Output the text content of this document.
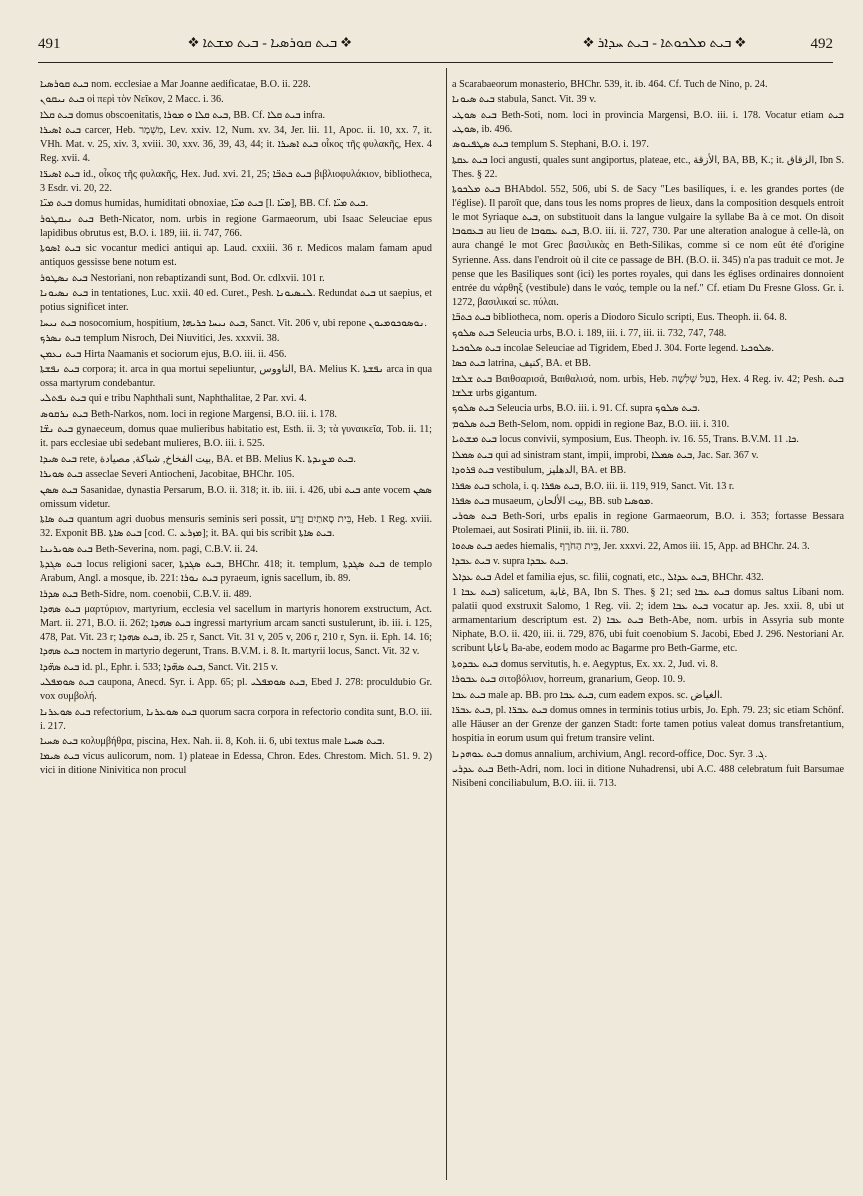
491	❖ ܒܝܬ ܩܘܪܣܝܐ - ܒܝܬ ܡܫܬܐ ❖	❖ ܒܝܬ ܡܠܟܘܬܐ - ܒܝܬ ܚܕܐܪ ❖	492

ܒܝܬ ܩܘܪܣܝܐ nom. ecclesiae a Mar Joanne aedificatae, B.O. ii. 228.

ܒܝܬ ܢܝܩܘܢ οἱ περὶ τὸν Νεῖκον, 2 Macc. i. 36.

ܒܝܬ ܩܠܐ domus obscoenitatis, ܒܝܬ ܩܠܐ ܘ ܡܘܪܐ, BB. Cf. ܒܝܬ ܩܠܐ infra.

ܒܝܬ ܐܣܝܪܐ carcer, Heb. מִשְׁמָר, Lev. xxiv. 12, Num. xv. 34, Jer. lii. 11, Apoc. ii. 10, xx. 7, it. VHh. Mat. v. 25, xiv. 3, xviii. 30, xxv. 36, 39, 43, 44; it. ܒܝܬ ܐܣܝܪܐ οἶκος τῆς φυλακῆς, Hex. 4 Reg. xvii. 4.

ܒܝܬ ܐܣܝܪ̈ܐ id., οἶκος τῆς φυλακῆς, Hex. Jud. xvi. 21, 25; ܒܝܬ ܟܬܒ̈ܐ βιβλιοφυλάκιον, bibliotheca, 3 Esdr. vi. 20, 22.

ܒܝܬ ܡܝ̈ܐ domus humidas, humiditati obnoxiae, ܒܝܬ ܡܝ̈ܐ [l. ܡܝ̈ܐ], BB. Cf. ܒܝܬ ܡܝ̈ܐ.

ܒܝܬ ܢܝܩܛܘܪ Beth-Nicator, nom. urbis in regione Garmaeorum, ubi Isaac Seleuciae epus lapidibus obrutus est, B.O. i. 189, iii. ii. 747, 766.

ܒܝܬ ܐܣܘܬܐ sic vocantur medici antiqui ap. Laud. cxxiii. 36 r. Medicos malam famam apud antiquos gessisse bene notum est.

ܒܝܬ ܢܣܛܘܪ Nestoriani, non rebaptizandi sunt, Bod. Or. cdlxvii. 101 r.

ܒܝܬ ܢܣܝܘܢܐ in tentationes, Luc. xxii. 40 ed. Curet., Pesh. ܠܢܣܝܘܢܐ. Redundat ܒܝܬ ut saepius, et potius significet inter.

ܒܝܬ ܢܝܚܐ nosocomium, hospitium, ܒܝܬ ܢܝܚܐ ܟܪܝܗܐ, Sanct. Vit. 206 v, ubi repone ܢܘܣܘܟܘܡܝܘܢ.

ܒܝܬ ܢܣܪܟ templum Nisroch, Dei Niuvitici, Jes. xxxvii. 38.

ܒܝܬ ܢܥܡܢ Hirta Naamanis et sociorum ejus, B.O. iii. ii. 456.

ܒܝܬ ܢܦܫܬܐ corpora; it. arca in qua mortui sepeliuntur, الناووس, BA. Melius K. ܢܦܫܬܐ arca in qua ossa martyrum condebantur.

ܒܝܬ ܢܦܬܠܝ qui e tribu Naphthali sunt, Naphthalitae, 2 Par. xvi. 4.

ܒܝܬ ܢܪܩܘܣ Beth-Narkos, nom. loci in regione Margensi, B.O. iii. i. 178.

ܒܝܬ ܢܫ̈ܐ gynaeceum, domus quae mulieribus habitatio est, Esth. ii. 3; τὰ γυναικεῖα, Tob. ii. 11; it. pars ecclesiae ubi sedebant mulieres, B.O. iii. i. 525.

ܒܝܬ ܣܝܕܐ rete, بيت الفخاخ, شباكة, مصيادة, BA. et BB. Melius K. ܒܝܬ ܡܨܝܕܬܐ.

ܒܝܬ ܣܘܝܪܐ asseclae Severi Antiocheni, Jacobitae, BHChr. 105.

ܒܝܬ ܣܣܢ Sasanidae, dynastia Persarum, B.O. ii. 318; it. ib. iii. i. 426, ubi ܒܝܬ ante vocem ܣܣܢ omissum videtur.

ܒܝܬ ܣܐܬܐ quantum agri duobus mensuris seminis seri possit, בֵּית סָאתַיִם זֶרַע, Heb. 1 Reg. xviii. 32. Exponit BB. ܒܝܬ ܣܐܬܐ [cod. C. ܡܙܪܥ]; it. BA. qui bis scribit ܒܝܬ ܣܐܬܐ.

ܒܝܬ ܣܘܝܪܝܢܐ Beth-Severina, nom. pagi, C.B.V. ii. 24.

ܒܝܬ ܣܓܕܬܐ locus religioni sacer, ܒܝܬ ܣܓܕܬܐ, BHChr. 418; it. templum, ܒܝܬ ܣܓܕܬܐ de templo Arabum, Angl. a mosque, ib. 221: ܒܝܬ ܢܘܪܐ pyraeum, ignis sacellum, ib. 89.

ܒܝܬ ܣܕܪܐ Beth-Sidre, nom. coenobii, C.B.V. ii. 489.

ܒܝܬ ܣܗܕܐ μαρτύριον, martyrium, ecclesia vel sacellum in martyris honorem exstructum, Act. Mart. ii. 271, B.O. ii. 262; ܒܝܬ ܣܗܕܐ ingressi martyrium arcam sancti sustulerunt, ib. iii. i. 125, 478, Pat. Vit. 23 r; ܒܝܬ ܣܗܕܐ, ib. 25 r, Sanct. Vit. 31 v, 205 v, 206 r, 210 r, Syn. ii. Eph. 14. 16; ܒܝܬ ܣܗܕܐ noctem in martyrio degerunt, Trans. B.V.M. i. 8. It. martyrii locus, Sanct. Vit. 32 v.

ܒܝܬ ܣܗ̈ܕܐ id. pl., Ephr. i. 533; ܒܝܬ ܣܗ̈ܕܐ, Sanct. Vit. 215 v.

ܒܝܬ ܣܘܡܦܠܝ caupona, Anecd. Syr. i. App. 65; pl. ܒܝܬ ܣܘܡܦܠܝ, Ebed J. 278: proculdubio Gr. vox συμβολή.

ܒܝܬ ܣܘܥܪܢܐ refectorium, ܒܝܬ ܣܘܥܪܢܐ quorum sacra corpora in refectorio condita sunt, B.O. iii. i. 217.

ܒܝܬ ܣܚܝܐ κολυμβήθρα, piscina, Hex. Nah. ii. 8, Koh. ii. 6, ubi textus male ܒܝܬ ܣܚܝܐ.

ܒܝܬ ܣܝܡܐ vicus aulicorum, nom. 1) plateae in Edessa, Chron. Edes. Chrestom. Mich. 51. 9. 2) vici in ditione Ninivitica non procul

a Scarabaeorum monasterio, BHChr. 539, it. ib. 464. Cf. Tuch de Nino, p. 24.

ܒܝܬ ܣܝܘܢܐ stabula, Sanct. Vit. 39 v.

ܒܝܬ ܣܘܛܝ Beth-Soti, nom. loci in provincia Margensi, B.O. iii. i. 178. Vocatur etiam ܒܝܬ ܣܘܛܝ, ib. 496.

ܒܝܬ ܣܛܦܢܘܣ templum S. Stephani, B.O. i. 197.

ܒܝܬ ܥܩܬܐ loci angusti, quales sunt angiportus, plateae, etc., الأزقة, BA, BB, K.; it. الزقاق, Ibn S. Thes. § 22.

ܒܝܬ ܡܠܟܘܬܐ BHAbdol. 552, 506, ubi S. de Sacy "Les basiliques, i. e. les grandes portes (de l'église). Il paroît que, dans tous les noms propres de lieux, dans la composition desquels entroit le mot Syriaque ܒܝܬ, on substituoit dans la langue vulgaire la syllabe Ba à ce mot. On disoit ܒܥܩܘܒܐ au lieu de ܒܝܬ ܥܩܘܒܐ, B.O. iii. ii. 727, 730. Par une alteration analogue à celle-là, on aura changé le mot Grec βασιλικὰς en Beth-Silikas, comme si ce nom eût été d'origine Syrienne. Ass. dans l'endroit où il cite ce passage de BH. (B.O. ii. 345) n'a pas traduit ce mot. Je pense que les Basiliques sont (ici) les portes royales, qui dans les églises ordinaires donnoient entrée du νάρθηξ (vestibule) dans le ναός, temple ou la nef." Cf. etiam Du Fresne Gloss. Gr. i. 1272, βασιλικαί sc. πύλαι.

ܒܝܬ ܟܬܒ̈ܐ bibliotheca, nom. operis a Diodoro Siculo scripti, Eus. Theoph. ii. 64. 8.

ܒܝܬ ܣܠܘܟ Seleucia urbs, B.O. i. 189, iii. i. 77, iii. ii. 732, 747, 748.

ܒܝܬ ܣܠܘܟܝܐ incolae Seleuciae ad Tigridem, Ebed J. 304. Forte legend. ܣܠܘܟܝܐ.

ܒܝܬ ܟܣܐ latrina, كنيف, BA. et BB.

ܒܝܬ ܫܠܫܐ Βαιθσαρισά, Βαιθαλισά, nom. urbis, Heb. בַּעַל שָׁלִשָׁה, Hex. 4 Reg. iv. 42; Pesh. ܒܝܬ ܫܠܫܐ urbs gigantum.

ܒܝܬ ܣܠܘܟ Seleucia urbs, B.O. iii. i. 91. Cf. supra ܒܝܬ ܣܠܘܟ.

ܒܝܬ ܣܠܘܡ Beth-Selom, nom. oppidi in regione Baz, B.O. iii. i. 310.

ܒܝܬ ܡܫܬܝܐ locus convivii, symposium, Eus. Theoph. iv. 16. 55, Trans. B.V.M. ܟܐ. 11.

ܒܝܬ ܣܡܠܐ qui ad sinistram stant, impii, improbi, ܒܝܬ ܣܡܠܐ, Jac. Sar. 367 v.

ܒܝܬ ܦܪܘܕܐ vestibulum, الدهليز, BA. et BB.

ܒܝܬ ܣܦܪܐ schola, i. q. ܒܝܬ ܣܦܪܐ, B.O. iii. ii. 119, 919, Sanct. Vit. 13 r.

ܒܝܬ ܣܦܪܐ musaeum, بيت الألحان, BB. sub ܡܘܣܝܐ.

ܒܝܬ ܣܘܪܝ Beth-Sori, urbs epalis in regione Garmaeorum, B.O. i. 353; fortasse Bessara Ptolemaei, aut Sosirati Plinii, ib. iii. ii. 780.

ܒܝܬ ܣܬܘܐ aedes hiemalis, בֵּית הַחֹרֶף, Jer. xxxvi. 22, Amos iii. 15, App. ad BHChr. 24. 3.

ܒܝܬ ܥܒܕܐ v. supra ܒܝܬ ܥܒܕܐ.

ܒܝܬ ܥܕܐܠ Adel et familia ejus, sc. filii, cognati, etc., ܒܝܬ ܥܕܐܠ, BHChr. 432.

ܒܝܬ ܥܒܐ 1) salicetum, غابة, BA, Ibn S. Thes. § 21; sed ܒܝܬ ܥܒܐ domus saltus Libani nom. palatii quod exstruxit Salomo, 1 Reg. vii. 2; idem ܒܝܬ ܥܒܐ vocatur ap. Jes. xxii. 8, ubi ut armamentarium descriptum est. 2) ܒܝܬ ܥܒܐ Beth-Abe, nom. urbis in Assyria sub monte Niphate, B.O. ii. 420, iii. ii. 729, 876, ubi fuit coenobium S. Jacobi, Ebed J. 296. Nestoriani Ar. scribunt باعابا Ba-abe, eodem modo ac Bagarme pro Beth-Garme, etc.

ܒܝܬ ܥܒܕܘܬܐ domus servitutis, h. e. Aegyptus, Ex. xx. 2, Jud. vi. 8.

ܒܝܬ ܥܒܘܪܐ σιτοβόλιον, horreum, granarium, Geop. 10. 9.

ܒܝܬ ܥܒܐ male ap. BB. pro ܒܝܬ ܥܒܐ, cum eadem expos. sc. الغياض.

ܒܝܬ ܥܒܪ̈ܐ, pl. ܒܝܬ ܥܒܪ̈ܐ domus omnes in terminis totius urbis, Jo. Eph. 79. 23; sic etiam Schönf. alle Häuser an der Grenze der ganzen Stadt: forte tamen potius valeat domus transfretantium, hospitia in eorum usum qui fretum transire velint.

ܒܝܬ ܥܘܗܕܢܐ domus annalium, archivium, Angl. record-office, Doc. Syr. ܓ. 3.

ܒܝܬ ܥܕܪܝ Beth-Adri, nom. loci in ditione Nuhadrensi, ubi A.C. 488 celebratum fuit Barsumae Nisibeni conciliabulum, B.O. iii. ii. 713.
